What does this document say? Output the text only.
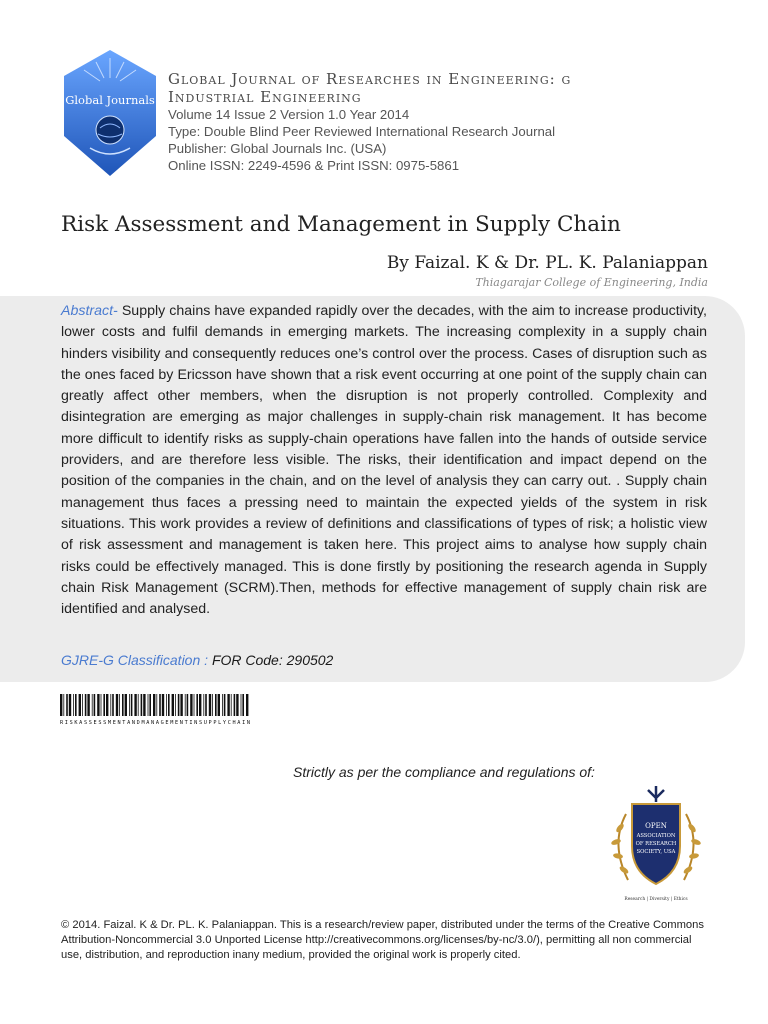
Global Journals
Global Journal of Researches in Engineering: g
Industrial Engineering
Volume 14 Issue 2 Version 1.0 Year 2014
Type: Double Blind Peer Reviewed International Research Journal
Publisher: Global Journals Inc. (USA)
Online ISSN: 2249-4596 & Print ISSN: 0975-5861
Risk Assessment and Management in Supply Chain
By Faizal. K & Dr. PL. K. Palaniappan
Thiagarajar College of Engineering, India

Abstract- Supply chains have expanded rapidly over the decades, with the aim to increase productivity, lower costs and fulfil demands in emerging markets. The increasing complexity in a supply chain hinders visibility and consequently reduces one’s control over the process. Cases of disruption such as the ones faced by Ericsson have shown that a risk event occurring at one point of the supply chain can greatly affect other members, when the disruption is not properly controlled. Complexity and disintegration are emerging as major challenges in supply-chain risk management. It has become more difficult to identify risks as supply-chain operations have fallen into the hands of outside service providers, and are therefore less visible. The risks, their identification and impact depend on the position of the companies in the chain, and on the level of analysis they can carry out. . Supply chain management thus faces a pressing need to maintain the expected yields of the system in risk situations. This work provides a review of definitions and classifications of types of risk; a holistic view of risk assessment and management is taken here. This project aims to analyse how supply chain risks could be effectively managed. This is done firstly by positioning the research agenda in Supply chain Risk Management (SCRM).Then, methods for effective management of supply chain risk are identified and analysed.

GJRE-G Classification : FOR Code: 290502
RISKASSESSMENTANDMANAGEMENTINSUPPLYCHAIN
Strictly as per the compliance and regulations of:
OPEN
ASSOCIATION
OF RESEARCH
SOCIETY, USA
Research | Diversity | Ethics

© 2014. Faizal. K & Dr. PL. K. Palaniappan. This is a research/review paper, distributed under the terms of the Creative Commons Attribution-Noncommercial 3.0 Unported License http://creativecommons.org/licenses/by-nc/3.0/), permitting all non commercial use, distribution, and reproduction inany medium, provided the original work is properly cited.
